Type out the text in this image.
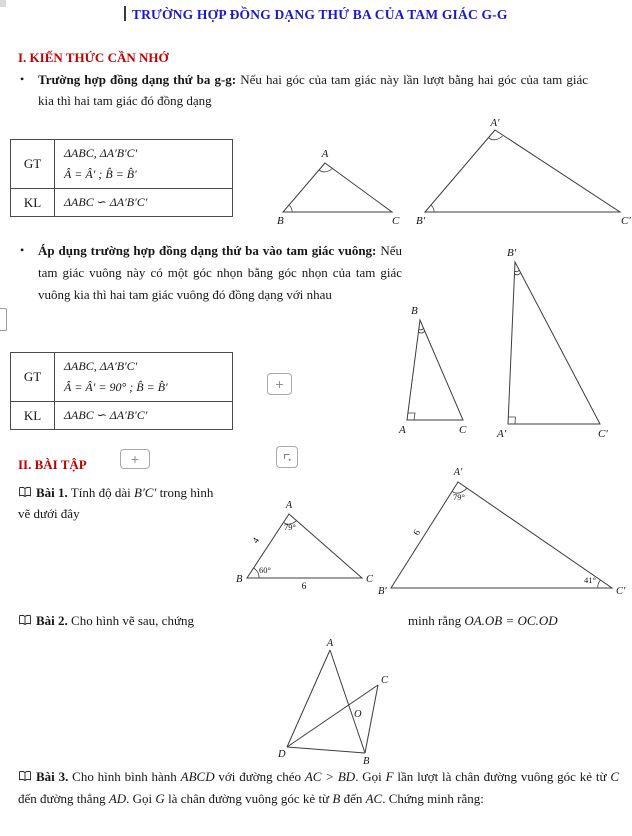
TRƯỜNG HỢP ĐỒNG DẠNG THỨ BA CỦA TAM GIÁC G-G
I. KIẾN THỨC CẦN NHỚ
•	Trường hợp đồng dạng thứ ba g-g: Nếu hai góc của tam giác này lần lượt bằng hai góc của tam giác kia thì hai tam giác đó đồng dạng
GT	ΔABC, ΔA′B′C′
Â = Â′ ; B̂ = B̂′

KL	ΔABC ∽ ΔA′B′C′
A
B	C
A′
B′	C′
•	Áp dụng trường hợp đồng dạng thứ ba vào tam giác vuông: Nếu tam giác vuông này có một góc nhọn bằng góc nhọn của tam giác vuông kia thì hai tam giác vuông đó đồng dạng với nhau
B
A	C
B′
A′	C′
GT	ΔABC, ΔA′B′C′
Â = Â′ = 90° ; B̂ = B̂′

KL	ΔABC ∽ ΔA′B′C′
+
+
II. BÀI TẬP
Bài 1. Tính độ dài B′C′ trong hình vẽ dưới đây
79°
60°
4
6
A
B	C
79°
41°
6
A′
B′	C′
Bài 2. Cho hình vẽ sau, chứng	minh rằng OA.OB = OC.OD
A
C
O
D
B
Bài 3. Cho hình bình hành ABCD với đường chéo AC > BD. Gọi F lần lượt là chân đường vuông góc kẻ từ C đến đường thẳng AD. Gọi G là chân đường vuông góc kẻ từ B đến AC. Chứng minh rằng:
